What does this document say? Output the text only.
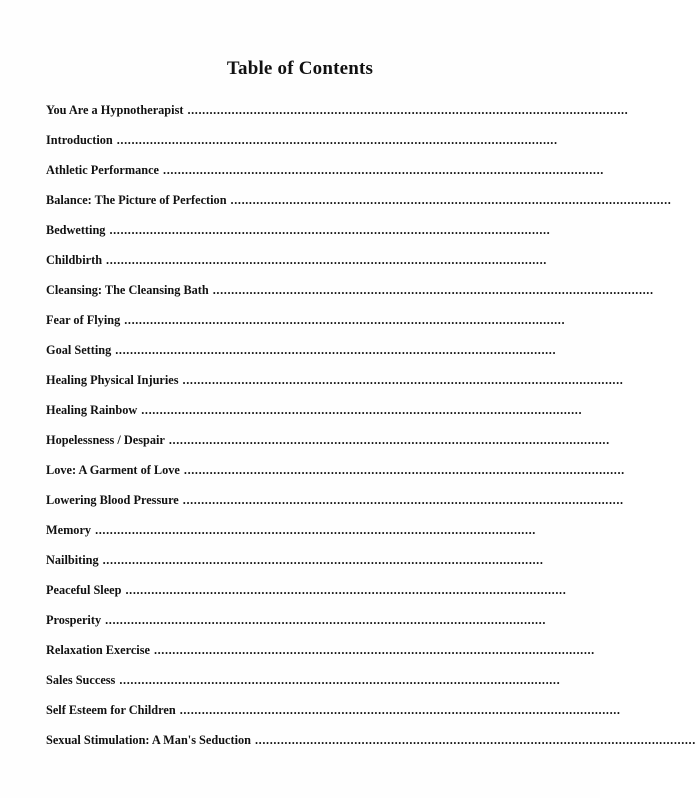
Table of Contents
You Are a Hypnotherapist ........................................................................................................................
Introduction ........................................................................................................................
Athletic Performance ........................................................................................................................
Balance: The Picture of Perfection ........................................................................................................................
Bedwetting ........................................................................................................................
Childbirth ........................................................................................................................
Cleansing: The Cleansing Bath ........................................................................................................................
Fear of Flying ........................................................................................................................
Goal Setting ........................................................................................................................
Healing Physical Injuries ........................................................................................................................
Healing Rainbow ........................................................................................................................
Hopelessness / Despair ........................................................................................................................
Love: A Garment of Love ........................................................................................................................
Lowering Blood Pressure ........................................................................................................................
Memory ........................................................................................................................
Nailbiting ........................................................................................................................
Peaceful Sleep ........................................................................................................................
Prosperity ........................................................................................................................
Relaxation Exercise ........................................................................................................................
Sales Success ........................................................................................................................
Self Esteem for Children ........................................................................................................................
Sexual Stimulation: A Man's Seduction ........................................................................................................................
